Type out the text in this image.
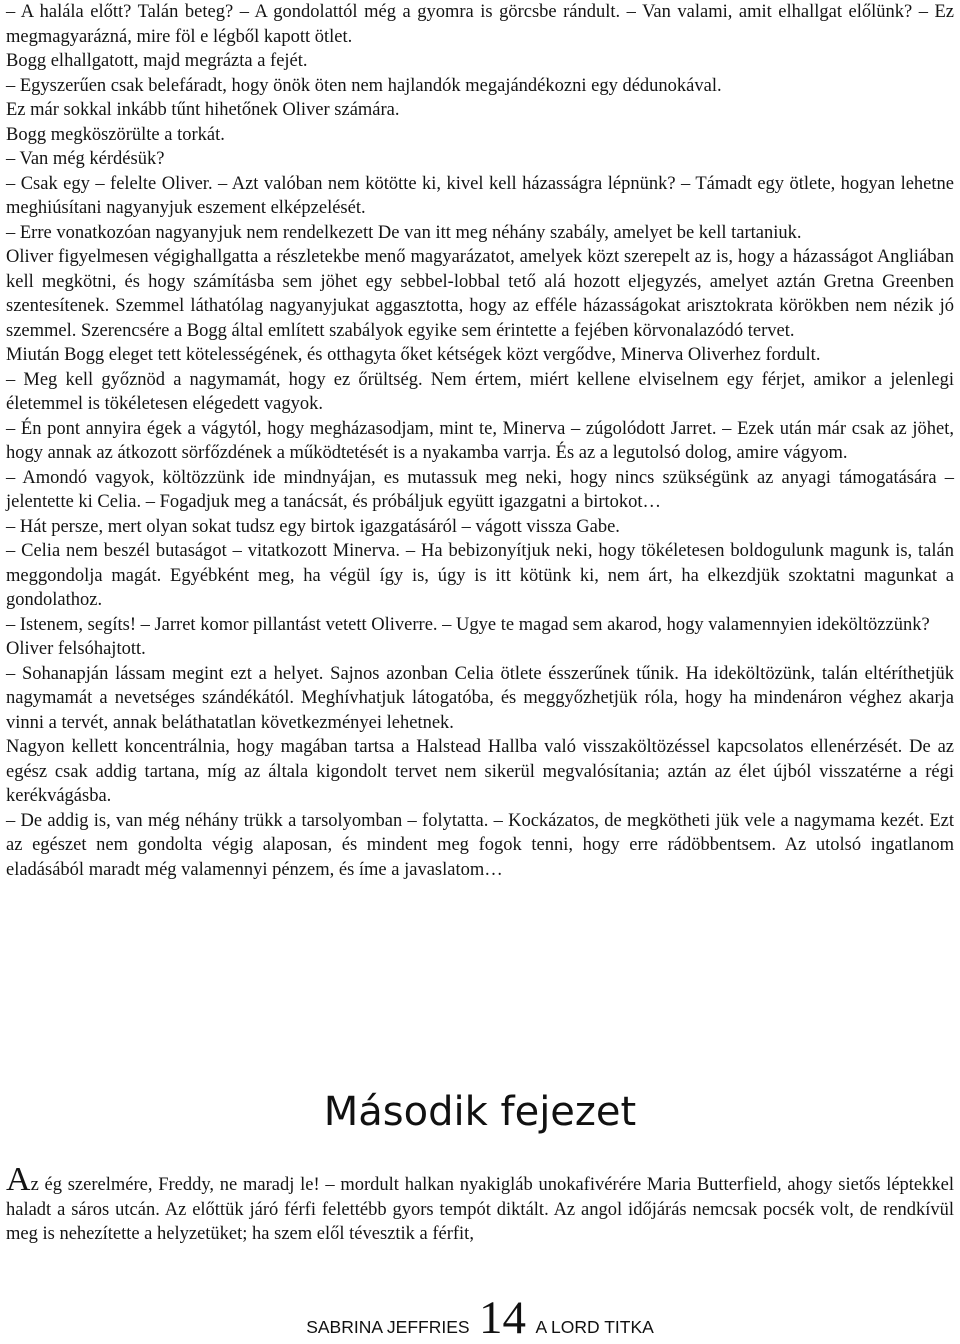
– A halála előtt? Talán beteg? – A gondolattól még a gyomra is görcsbe rándult. – Van valami, amit elhallgat előlünk? – Ez megmagyarázná, mire föl e légből kapott ötlet.

Bogg elhallgatott, majd megrázta a fejét.

– Egyszerűen csak belefáradt, hogy önök öten nem hajlandók megajándékozni egy dédunokával.

Ez már sokkal inkább tűnt hihetőnek Oliver számára.

Bogg megköszörülte a torkát.

– Van még kérdésük?

– Csak egy – felelte Oliver. – Azt valóban nem kötötte ki, kivel kell házasságra lépnünk? – Támadt egy ötlete, hogyan lehetne meghiúsítani nagyanyjuk eszement elképzelését.

– Erre vonatkozóan nagyanyjuk nem rendelkezett De van itt meg néhány szabály, amelyet be kell tartaniuk.

Oliver figyelmesen végighallgatta a részletekbe menő magyarázatot, amelyek közt szerepelt az is, hogy a házasságot Angliában kell megkötni, és hogy számításba sem jöhet egy sebbel-lobbal tető alá hozott eljegyzés, amelyet aztán Gretna Greenben szentesítenek. Szemmel láthatólag nagyanyjukat aggasztotta, hogy az efféle házasságokat arisztokrata körökben nem nézik jó szemmel. Szerencsére a Bogg által említett szabályok egyike sem érintette a fejében körvonalazódó tervet.

Miután Bogg eleget tett kötelességének, és otthagyta őket kétségek közt vergődve, Minerva Oliverhez fordult.

– Meg kell győznöd a nagymamát, hogy ez őrültség. Nem értem, miért kellene elviselnem egy férjet, amikor a jelenlegi életemmel is tökéletesen elégedett vagyok.

– Én pont annyira égek a vágytól, hogy megházasodjam, mint te, Minerva – zúgolódott Jarret. – Ezek után már csak az jöhet, hogy annak az átkozott sörfőzdének a működtetését is a nyakamba varrja. És az a legutolsó dolog, amire vágyom.

– Amondó vagyok, költözzünk ide mindnyájan, es mutassuk meg neki, hogy nincs szükségünk az anyagi támogatására – jelentette ki Celia. – Fogadjuk meg a tanácsát, és próbáljuk együtt igazgatni a birtokot…

– Hát persze, mert olyan sokat tudsz egy birtok igazgatásáról – vágott vissza Gabe.

– Celia nem beszél butaságot – vitatkozott Minerva. – Ha bebizonyítjuk neki, hogy tökéletesen boldogulunk magunk is, talán meggondolja magát. Egyébként meg, ha végül így is, úgy is itt kötünk ki, nem árt, ha elkezdjük szoktatni magunkat a gondolathoz.

– Istenem, segíts! – Jarret komor pillantást vetett Oliverre. – Ugye te magad sem akarod, hogy valamennyien ideköltözzünk?

Oliver felsóhajtott.

– Sohanapján lássam megint ezt a helyet. Sajnos azonban Celia ötlete ésszerűnek tűnik. Ha ideköltözünk, talán eltéríthetjük nagymamát a nevetséges szándékától. Meghívhatjuk látogatóba, és meggyőzhetjük róla, hogy ha mindenáron véghez akarja vinni a tervét, annak beláthatatlan következményei lehetnek.

Nagyon kellett koncentrálnia, hogy magában tartsa a Halstead Hallba való visszaköltözéssel kapcsolatos ellenérzését. De az egész csak addig tartana, míg az általa kigondolt tervet nem sikerül megvalósítania; aztán az élet újból visszatérne a régi kerékvágásba.

– De addig is, van még néhány trükk a tarsolyomban – folytatta. – Kockázatos, de megkötheti jük vele a nagymama kezét. Ezt az egészet nem gondolta végig alaposan, és mindent meg fogok tenni, hogy erre rádöbbentsem. Az utolsó ingatlanom eladásából maradt még valamennyi pénzem, és íme a javaslatom…

Második fejezet

Az ég szerelmére, Freddy, ne maradj le! – mordult halkan nyakigláb unokafivérére Maria Butterfield, ahogy sietős léptekkel haladt a sáros utcán. Az előttük járó férfi felettébb gyors tempót diktált. Az angol időjárás nemcsak pocsék volt, de rendkívül meg is nehezítette a helyzetüket; ha szem elől tévesztik a férfit,

SABRINA JEFFRIES 14 A LORD TITKA
